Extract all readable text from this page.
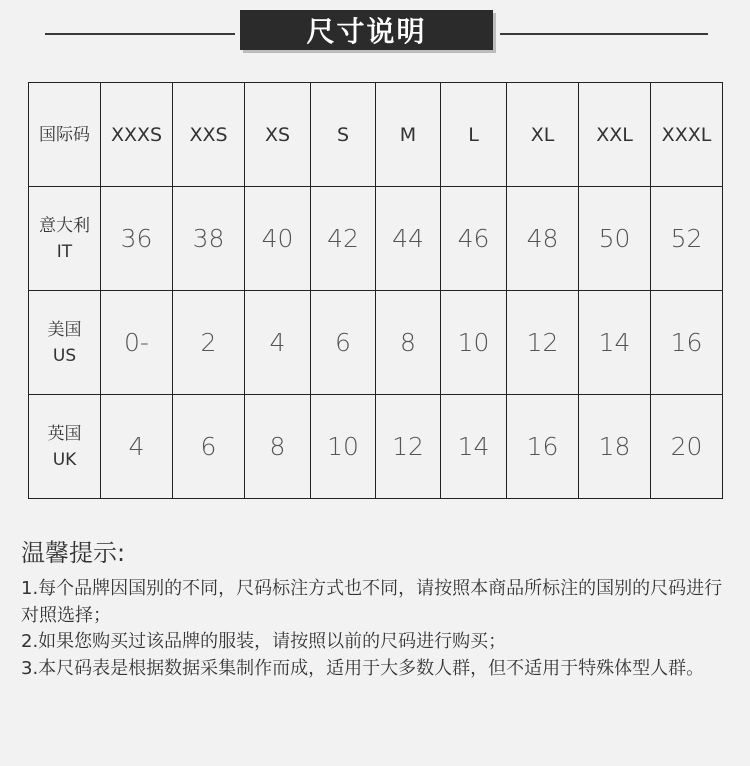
尺寸说明
国际码	XXXS	XXS	XS	S	M	L	XL	XXL	XXXL
意大利
IT	36	38	40	42	44	46	48	50	52
美国
US	0-	2	4	6	8	10	12	14	16
英国
UK	4	6	8	10	12	14	16	18	20
温馨提示:
1.每个品牌因国别的不同，尺码标注方式也不同，请按照本商品所标注的国别的尺码进行对照选择；
2.如果您购买过该品牌的服装，请按照以前的尺码进行购买；
3.本尺码表是根据数据采集制作而成，适用于大多数人群，但不适用于特殊体型人群。
